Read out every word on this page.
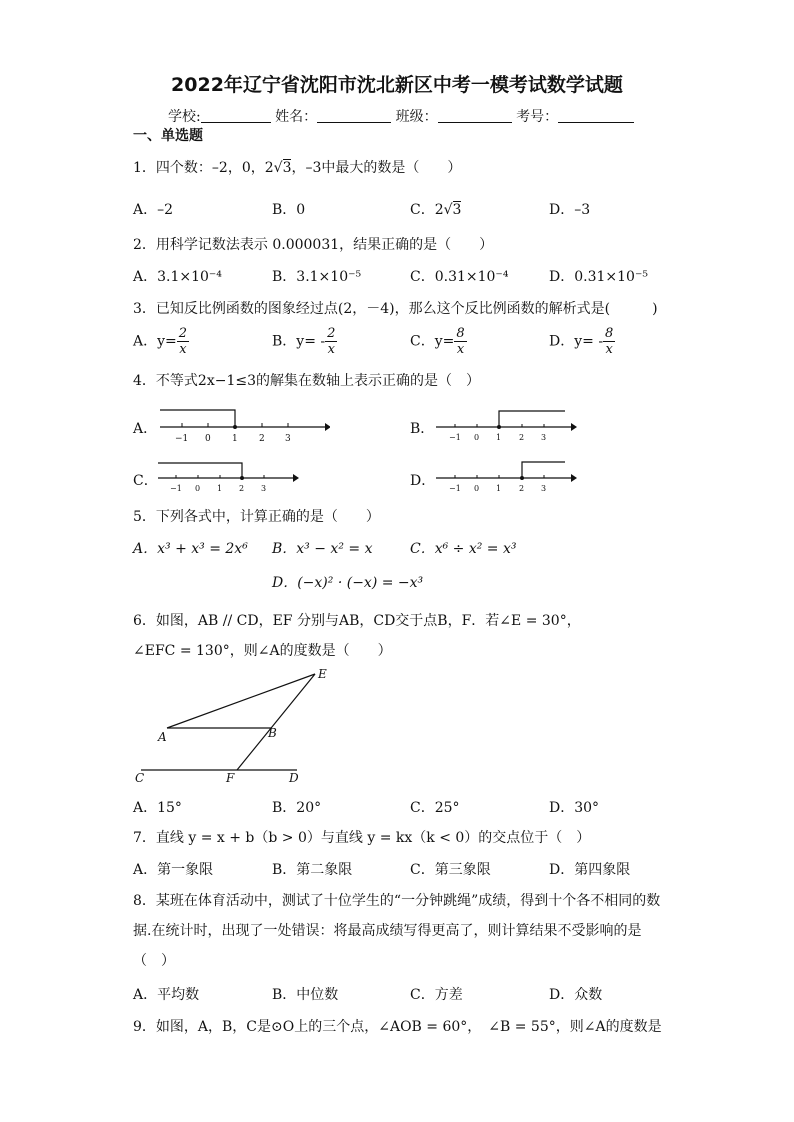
2022年辽宁省沈阳市沈北新区中考一模考试数学试题
学校:	姓名：	班级：	考号：
一、单选题
1．四个数：–2，0，2√3，–3中最大的数是（　　）
A．–2	B．0	C．2√3	D．–3
2．用科学记数法表示 0.000031，结果正确的是（　　）
A．3.1×10⁻⁴	B．3.1×10⁻⁵	C．0.31×10⁻⁴	D．0.31×10⁻⁵
3．已知反比例函数的图象经过点(2，－4)，那么这个反比例函数的解析式是(　　　)
A．$y= \frac{2}{x}$	B．$y= - \frac{2}{x}$	C．$y= \frac{8}{x}$	D．$y= - \frac{8}{x}$
4．不等式2x−1≤3的解集在数轴上表示正确的是（　）
A．	B．
C．	D．
−1 0 1 2 3	−1 0 1 2 3
−1 0 1 2 3	−1 0 1 2 3
5．下列各式中，计算正确的是（　　）
A．x³ + x³ = 2x⁶ B．x³ − x² = x	C．x⁶ ÷ x² = x³
D．(−x)² · (−x) = −x³
6．如图，AB // CD，EF 分别与AB，CD交于点B，F．若∠E = 30°，
∠EFC = 130°，则∠A的度数是（　　）
E
A	B
C	F	D
A．15°	B．20°	C．25°	D．30°
7．直线 y = x + b（b > 0）与直线 y = kx（k < 0）的交点位于（　）
A．第一象限	B．第二象限	C．第三象限	D．第四象限
8．某班在体育活动中，测试了十位学生的“一分钟跳绳”成绩，得到十个各不相同的数
据.在统计时，出现了一处错误：将最高成绩写得更高了，则计算结果不受影响的是
（　）
A．平均数	B．中位数	C．方差	D．众数
9．如图，A，B，C是⊙O上的三个点，∠AOB = 60°，　∠B = 55°，则∠A的度数是
